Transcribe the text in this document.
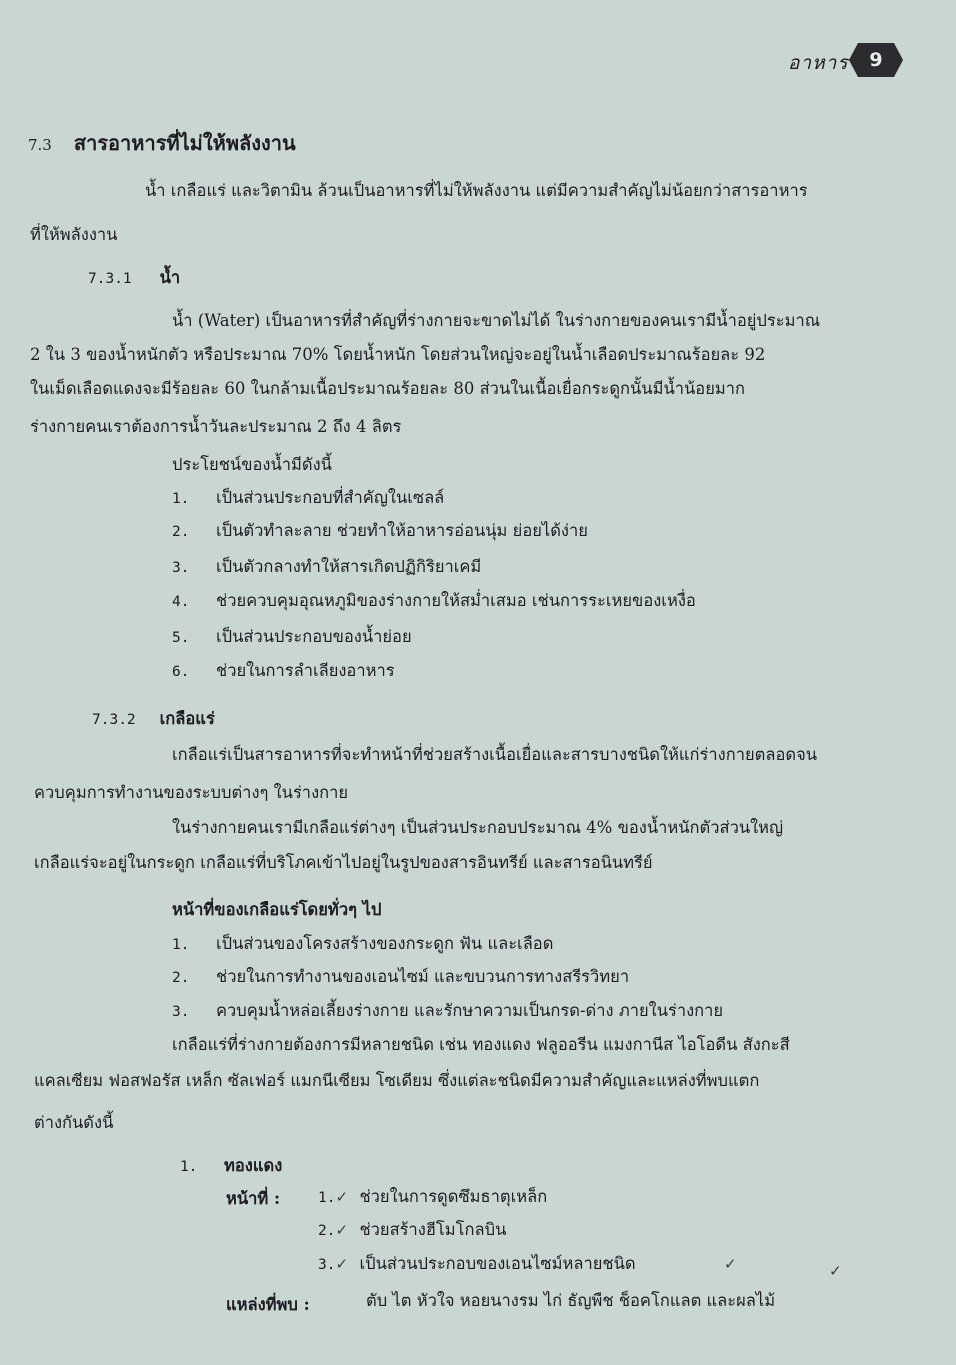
อาหาร	9
7.3 สารอาหารที่ไม่ให้พลังงาน
น้ำ เกลือแร่ และวิตามิน ล้วนเป็นอาหารที่ไม่ให้พลังงาน แต่มีความสำคัญไม่น้อยกว่าสารอาหาร
ที่ให้พลังงาน
7.3.1 น้ำ
น้ำ (Water) เป็นอาหารที่สำคัญที่ร่างกายจะขาดไม่ได้ ในร่างกายของคนเรามีน้ำอยู่ประมาณ
2 ใน 3 ของน้ำหนักตัว หรือประมาณ 70% โดยน้ำหนัก โดยส่วนใหญ่จะอยู่ในน้ำเลือดประมาณร้อยละ 92
ในเม็ดเลือดแดงจะมีร้อยละ 60 ในกล้ามเนื้อประมาณร้อยละ 80 ส่วนในเนื้อเยื่อกระดูกนั้นมีน้ำน้อยมาก
ร่างกายคนเราต้องการน้ำวันละประมาณ 2 ถึง 4 ลิตร
ประโยชน์ของน้ำมีดังนี้
1. เป็นส่วนประกอบที่สำคัญในเซลล์
2. เป็นตัวทำละลาย ช่วยทำให้อาหารอ่อนนุ่ม ย่อยได้ง่าย
3. เป็นตัวกลางทำให้สารเกิดปฏิกิริยาเคมี
4. ช่วยควบคุมอุณหภูมิของร่างกายให้สม่ำเสมอ เช่นการระเหยของเหงื่อ
5. เป็นส่วนประกอบของน้ำย่อย
6. ช่วยในการลำเลียงอาหาร
7.3.2 เกลือแร่
เกลือแร่เป็นสารอาหารที่จะทำหน้าที่ช่วยสร้างเนื้อเยื่อและสารบางชนิดให้แก่ร่างกายตลอดจน
ควบคุมการทำงานของระบบต่างๆ ในร่างกาย
ในร่างกายคนเรามีเกลือแร่ต่างๆ เป็นส่วนประกอบประมาณ 4% ของน้ำหนักตัวส่วนใหญ่
เกลือแร่จะอยู่ในกระดูก เกลือแร่ที่บริโภคเข้าไปอยู่ในรูปของสารอินทรีย์ และสารอนินทรีย์
หน้าที่ของเกลือแร่โดยทั่วๆ ไป
1. เป็นส่วนของโครงสร้างของกระดูก ฟัน และเลือด
2. ช่วยในการทำงานของเอนไซม์ และขบวนการทางสรีรวิทยา
3. ควบคุมน้ำหล่อเลี้ยงร่างกาย และรักษาความเป็นกรด-ด่าง ภายในร่างกาย
เกลือแร่ที่ร่างกายต้องการมีหลายชนิด เช่น ทองแดง ฟลูออรีน แมงกานีส ไอโอดีน สังกะสี
แคลเซียม ฟอสฟอรัส เหล็ก ซัลเฟอร์ แมกนีเซียม โซเดียม ซึ่งแต่ละชนิดมีความสำคัญและแหล่งที่พบแตก
ต่างกันดังนี้
1. ทองแดง
หน้าที่ :	1.✓ ช่วยในการดูดซึมธาตุเหล็ก
2.✓ ช่วยสร้างฮีโมโกลบิน
3.✓ เป็นส่วนประกอบของเอนไซม์หลายชนิด
แหล่งที่พบ :	ตับ ไต หัวใจ หอยนางรม ไก่ ธัญพืช ช็อคโกแลต และผลไม้
✓	✓
